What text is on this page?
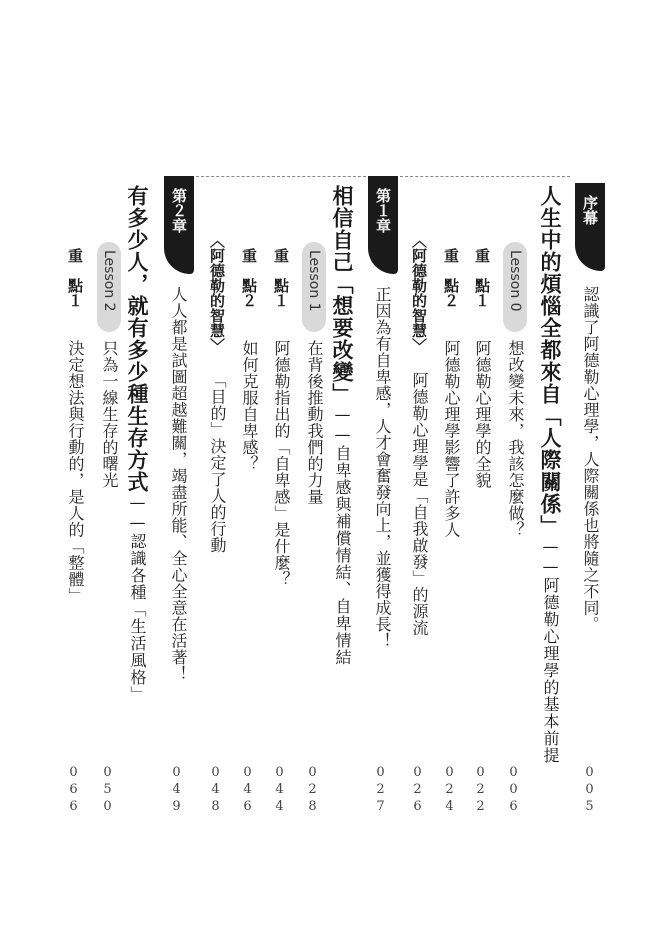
序幕
認識了阿德勒心理學，人際關係也將隨之不同。
005
人生中的煩惱全都來自「人際關係」——阿德勒心理學的基本前提
Lesson 0
想改變未來，我該怎麼做？
006
重　點１
阿德勒心理學的全貌
022
重　點２
阿德勒心理學影響了許多人
024
〈阿德勒的智慧〉
阿德勒心理學是「自我啟發」的源流
026
第１章
正因為有自卑感，人才會奮發向上，並獲得成長！
027
相信自己「想要改變」——自卑感與補償情結、自卑情結
Lesson 1
在背後推動我們的力量
028
重　點１
阿德勒指出的「自卑感」是什麼？
044
重　點２
如何克服自卑感？
046
〈阿德勒的智慧〉
「目的」決定了人的行動
048
第２章
人人都是試圖超越難關，竭盡所能、全心全意在活著！
049
有多少人，就有多少種生存方式——認識各種「生活風格」
Lesson 2
只為一線生存的曙光
050
重　點１
決定想法與行動的，是人的「整體」
066
